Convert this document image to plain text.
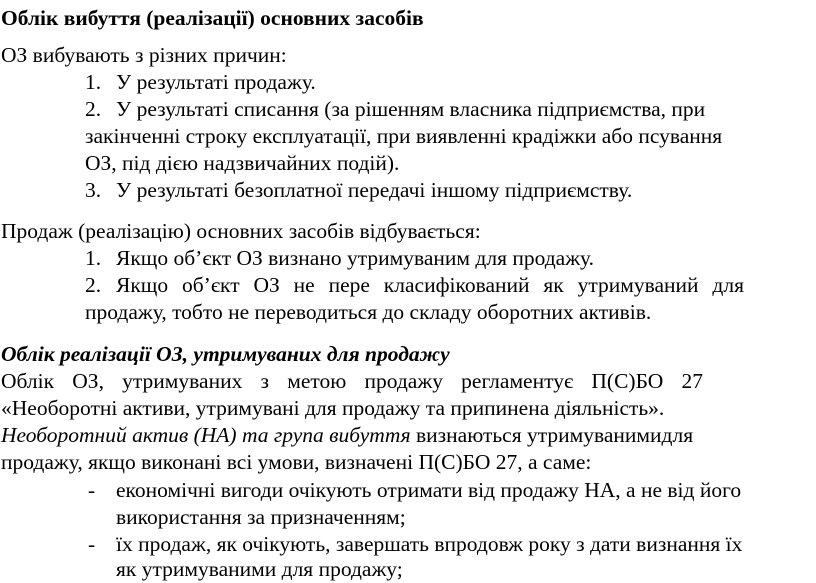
Облік вибуття (реалізації) основних засобів
ОЗ вибувають з різних причин:
1. У результаті продажу.
2. У результаті списання (за рішенням власника підприємства, при
закінченні строку експлуатації, при виявленні крадіжки або псування
ОЗ, під дією надзвичайних подій).
3. У результаті безоплатної передачі іншому підприємству.
Продаж (реалізацію) основних засобів відбувається:
1. Якщо об’єкт ОЗ визнано утримуваним для продажу.
2. Якщо об’єкт ОЗ не пере класифікований як утримуваний для
продажу, тобто не переводиться до складу оборотних активів.
Облік реалізації ОЗ, утримуваних для продажу
Облік ОЗ, утримуваних з метою продажу регламентує П(С)БО 27
«Необоротні активи, утримувані для продажу та припинена діяльність».
Необоротний актив (НА) та група вибуття визнаються утримуванимидля
продажу, якщо виконані всі умови, визначені П(С)БО 27, а саме:
- економічні вигоди очікують отримати від продажу НА, а не від його
використання за призначенням;
- їх продаж, як очікують, завершать впродовж року з дати визнання їх
як утримуваними для продажу;
